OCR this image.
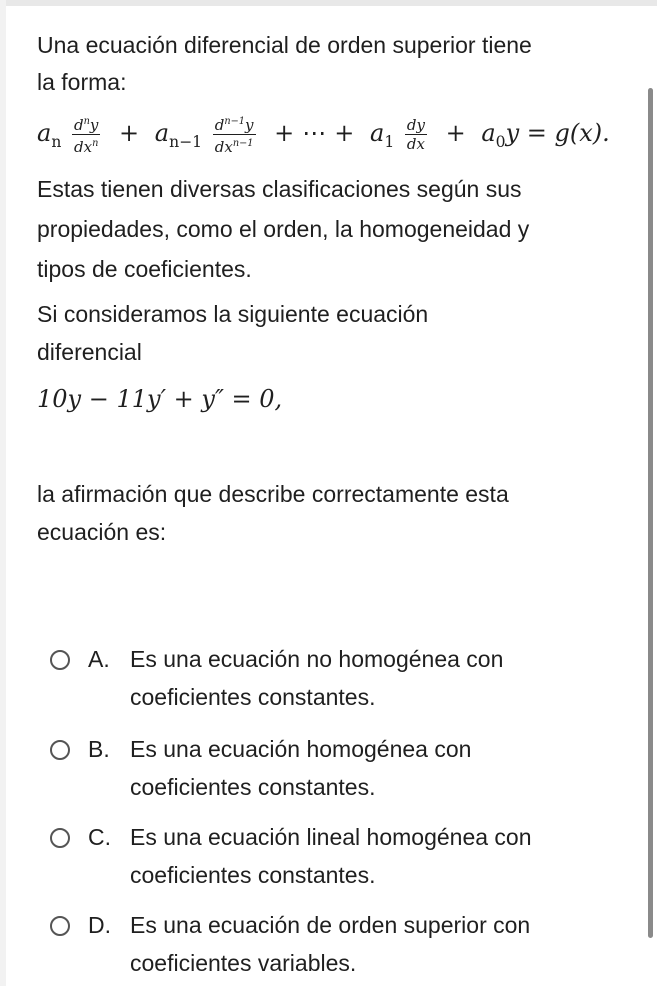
Una ecuación diferencial de orden superior tiene
la forma:
$a_n \frac{d^ny}{dx^n} + a_{n-1} \frac{d^{n-1}y}{dx^{n-1}}$ + ⋯ + $a_1 \frac{dy}{dx} + a_0y = g(x)$.
Estas tienen diversas clasificaciones según sus
propiedades, como el orden, la homogeneidad y
tipos de coeficientes.
Si consideramos la siguiente ecuación
diferencial
10y − 11y′ + y″ = 0,
la afirmación que describe correctamente esta
ecuación es:
A. Es una ecuación no homogénea con
coeficientes constantes.
B. Es una ecuación homogénea con
coeficientes constantes.
C. Es una ecuación lineal homogénea con
coeficientes constantes.
D. Es una ecuación de orden superior con
coeficientes variables.
